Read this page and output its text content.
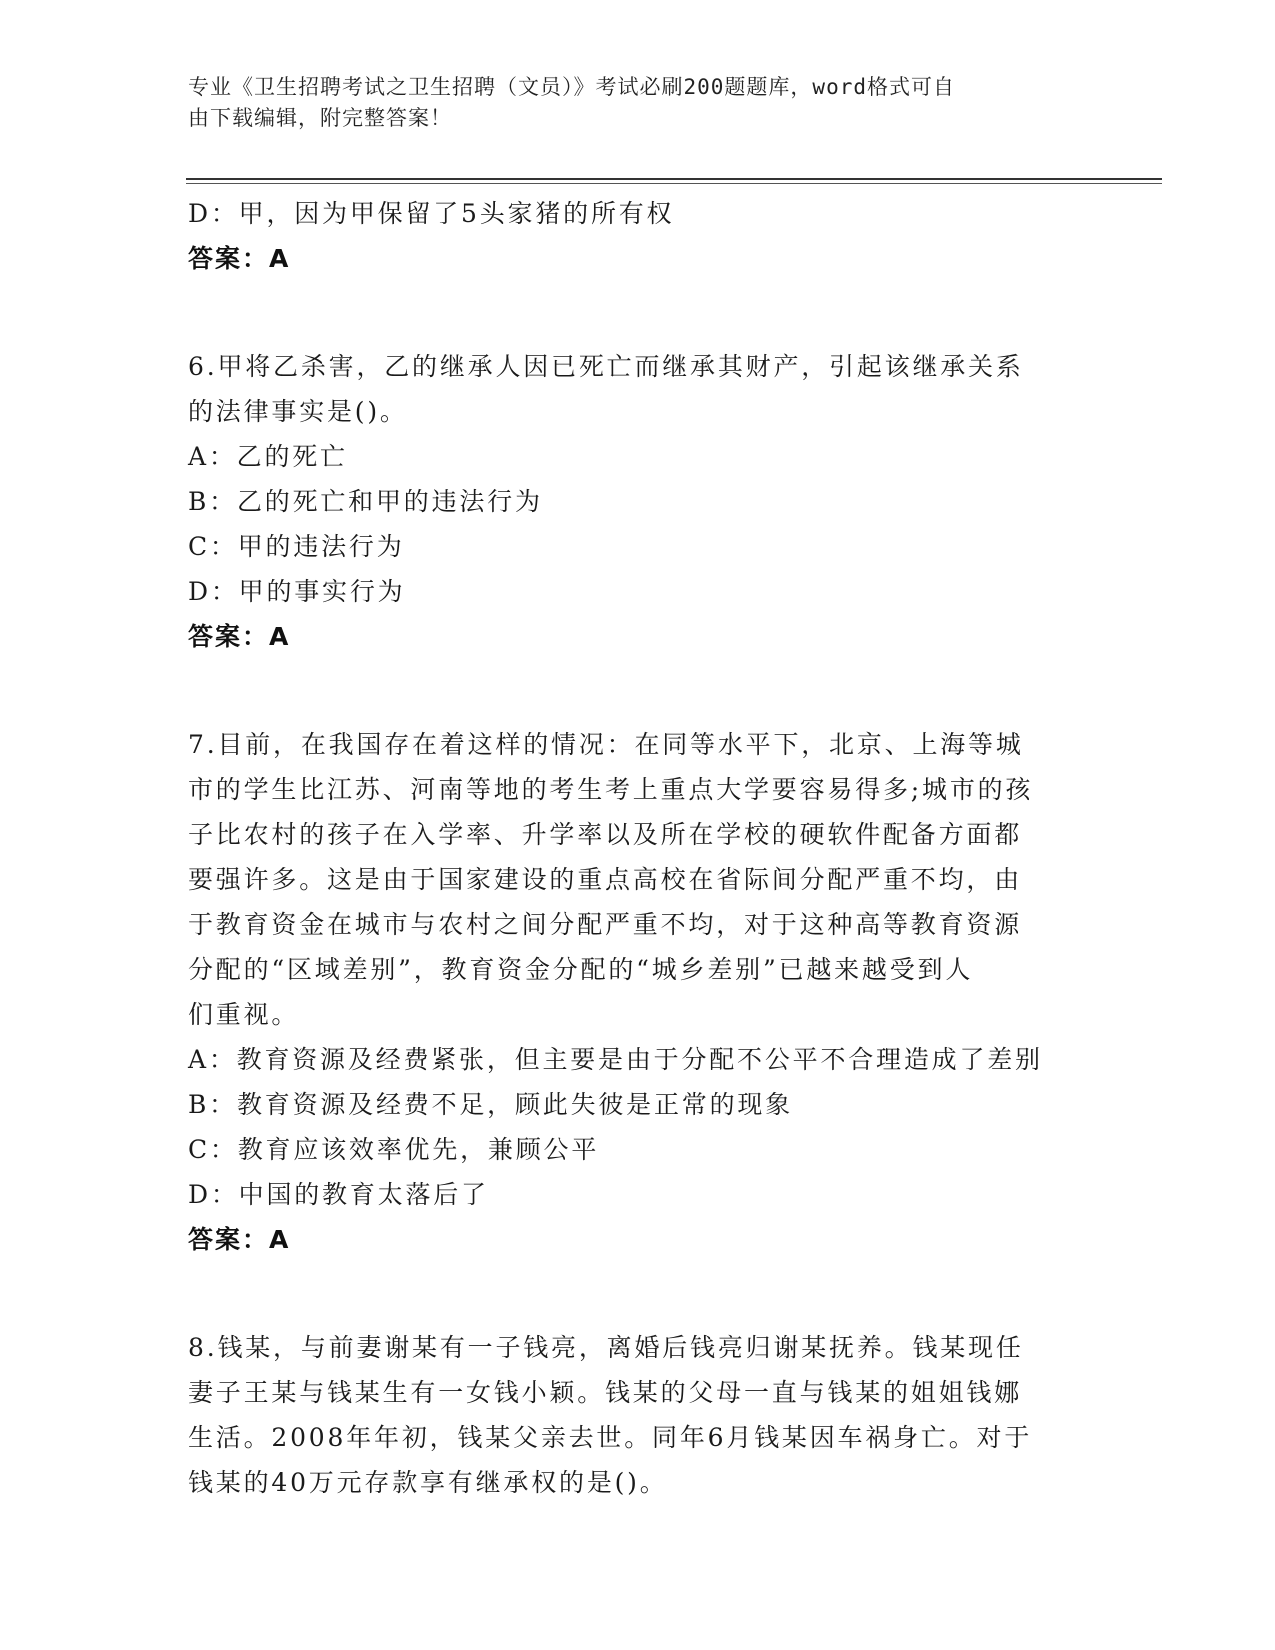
专业《卫生招聘考试之卫生招聘（文员）》考试必刷200题题库，word格式可自
由下载编辑，附完整答案！
D：甲，因为甲保留了5头家猪的所有权
答案：A
6.甲将乙杀害，乙的继承人因已死亡而继承其财产，引起该继承关系
的法律事实是()。
A：乙的死亡
B：乙的死亡和甲的违法行为
C：甲的违法行为
D：甲的事实行为
答案：A
7.目前，在我国存在着这样的情况：在同等水平下，北京、上海等城
市的学生比江苏、河南等地的考生考上重点大学要容易得多;城市的孩
子比农村的孩子在入学率、升学率以及所在学校的硬软件配备方面都
要强许多。这是由于国家建设的重点高校在省际间分配严重不均，由
于教育资金在城市与农村之间分配严重不均，对于这种高等教育资源
分配的“区域差别”，教育资金分配的“城乡差别”已越来越受到人
们重视。
A：教育资源及经费紧张，但主要是由于分配不公平不合理造成了差别
B：教育资源及经费不足，顾此失彼是正常的现象
C：教育应该效率优先，兼顾公平
D：中国的教育太落后了
答案：A
8.钱某，与前妻谢某有一子钱亮，离婚后钱亮归谢某抚养。钱某现任
妻子王某与钱某生有一女钱小颖。钱某的父母一直与钱某的姐姐钱娜
生活。2008年年初，钱某父亲去世。同年6月钱某因车祸身亡。对于
钱某的40万元存款享有继承权的是()。
